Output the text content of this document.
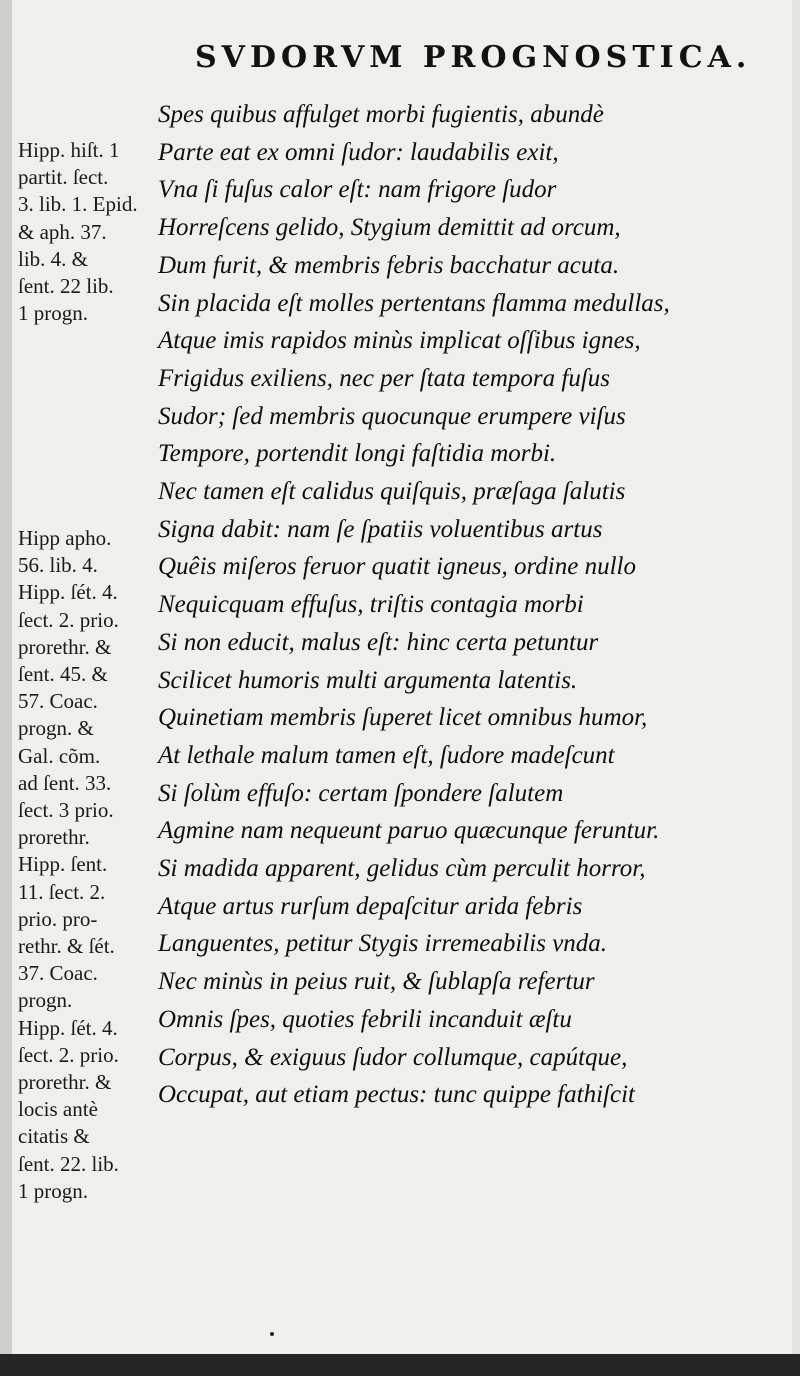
SVDORVM PROGNOSTICA.
Hipp. hiſt. 1
partit. ſect.
3. lib. 1. Epid.
& aph. 37.
lib. 4. &
ſent. 22 lib.
1 progn.
Hipp apho.
56. lib. 4.
Hipp. ſét. 4.
ſect. 2. prio.
prorethr. &
ſent. 45. &
57. Coac.
progn. &
Gal. cõm.
ad ſent. 33.
ſect. 3 prio.
prorethr.
Hipp. ſent.
11. ſect. 2.
prio. pro-
rethr. & ſét.
37. Coac.
progn.
Hipp. ſét. 4.
ſect. 2. prio.
prorethr. &
locis antè
citatis &
ſent. 22. lib.
1 progn.
Spes quibus affulget morbi fugientis, abundè
Parte eat ex omni ſudor: laudabilis exit,
Vna ſi fuſus calor eſt: nam frigore ſudor
Horreſcens gelido, Stygium demittit ad orcum,
Dum furit, & membris febris bacchatur acuta.
Sin placida eſt molles pertentans flamma medullas,
Atque imis rapidos minùs implicat oſſibus ignes,
Frigidus exiliens, nec per ſtata tempora fuſus
Sudor; ſed membris quocunque erumpere viſus
Tempore, portendit longi faſtidia morbi.
Nec tamen eſt calidus quiſquis, præſaga ſalutis
Signa dabit: nam ſe ſpatiis voluentibus artus
Quêis miſeros feruor quatit igneus, ordine nullo
Nequicquam effuſus, triſtis contagia morbi
Si non educit, malus eſt: hinc certa petuntur
Scilicet humoris multi argumenta latentis.
Quinetiam membris ſuperet licet omnibus humor,
At lethale malum tamen eſt, ſudore madeſcunt
Si ſolùm effuſo: certam ſpondere ſalutem
Agmine nam nequeunt paruo quæcunque feruntur.
Si madida apparent, gelidus cùm perculit horror,
Atque artus rurſum depaſcitur arida febris
Languentes, petitur Stygis irremeabilis vnda.
Nec minùs in peius ruit, & ſublapſa refertur
Omnis ſpes, quoties febrili incanduit æſtu
Corpus, & exiguus ſudor collumque, capútque,
Occupat, aut etiam pectus: tunc quippe fathiſcit
